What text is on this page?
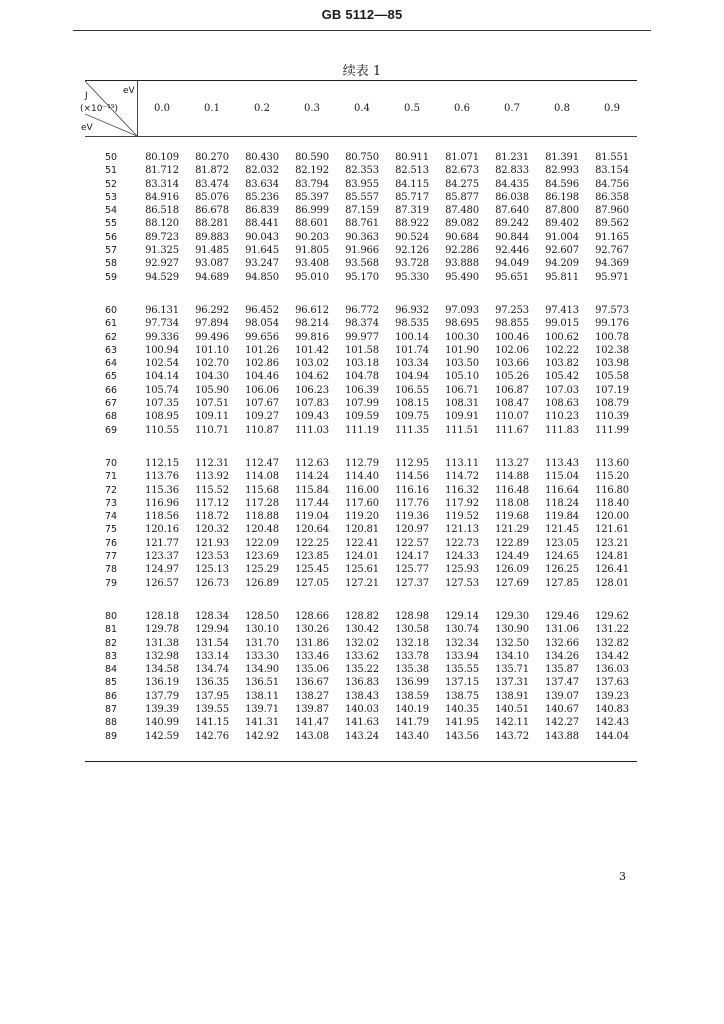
GB 5112—85
续表 1
eV
J
(×10⁻¹⁹)
eV
0.0	0.1	0.2	0.3	0.4	0.5	0.6	0.7	0.8	0.9
50	80.109	80.270	80.430	80.590	80.750	80.911	81.071	81.231	81.391	81.551
51	81.712	81.872	82.032	82.192	82.353	82.513	82.673	82.833	82.993	83.154
52	83.314	83.474	83.634	83.794	83.955	84.115	84.275	84.435	84.596	84.756
53	84.916	85.076	85.236	85.397	85.557	85.717	85.877	86.038	86.198	86.358
54	86.518	86.678	86.839	86.999	87.159	87.319	87.480	87.640	87.800	87.960
55	88.120	88.281	88.441	88.601	88.761	88.922	89.082	89.242	89.402	89.562
56	89.723	89.883	90.043	90.203	90.363	90.524	90.684	90.844	91.004	91.165
57	91.325	91.485	91.645	91.805	91.966	92.126	92.286	92.446	92.607	92.767
58	92.927	93.087	93.247	93.408	93.568	93.728	93.888	94.049	94.209	94.369
59	94.529	94.689	94.850	95.010	95.170	95.330	95.490	95.651	95.811	95.971
60	96.131	96.292	96.452	96.612	96.772	96.932	97.093	97.253	97.413	97.573
61	97.734	97.894	98.054	98.214	98.374	98.535	98.695	98.855	99.015	99.176
62	99.336	99.496	99.656	99.816	99.977	100.14	100.30	100.46	100.62	100.78
63	100.94	101.10	101.26	101.42	101.58	101.74	101.90	102.06	102.22	102.38
64	102.54	102.70	102.86	103.02	103.18	103.34	103.50	103.66	103.82	103.98
65	104.14	104.30	104.46	104.62	104.78	104.94	105.10	105.26	105.42	105.58
66	105.74	105.90	106.06	106.23	106.39	106.55	106.71	106.87	107.03	107.19
67	107.35	107.51	107.67	107.83	107.99	108.15	108.31	108.47	108.63	108.79
68	108.95	109.11	109.27	109.43	109.59	109.75	109.91	110.07	110.23	110.39
69	110.55	110.71	110.87	111.03	111.19	111.35	111.51	111.67	111.83	111.99
70	112.15	112.31	112.47	112.63	112.79	112.95	113.11	113.27	113.43	113.60
71	113.76	113.92	114.08	114.24	114.40	114.56	114.72	114.88	115.04	115.20
72	115.36	115.52	115.68	115.84	116.00	116.16	116.32	116.48	116.64	116.80
73	116.96	117.12	117.28	117.44	117.60	117.76	117.92	118.08	118.24	118.40
74	118.56	118.72	118.88	119.04	119.20	119.36	119.52	119.68	119.84	120.00
75	120.16	120.32	120.48	120.64	120.81	120.97	121.13	121.29	121.45	121.61
76	121.77	121.93	122.09	122.25	122.41	122.57	122.73	122.89	123.05	123.21
77	123.37	123.53	123.69	123.85	124.01	124.17	124.33	124.49	124.65	124.81
78	124.97	125.13	125.29	125.45	125.61	125.77	125.93	126.09	126.25	126.41
79	126.57	126.73	126.89	127.05	127.21	127.37	127.53	127.69	127.85	128.01
80	128.18	128.34	128.50	128.66	128.82	128.98	129.14	129.30	129.46	129.62
81	129.78	129.94	130.10	130.26	130.42	130.58	130.74	130.90	131.06	131.22
82	131.38	131.54	131.70	131.86	132.02	132.18	132.34	132.50	132.66	132.82
83	132.98	133.14	133.30	133.46	133.62	133.78	133.94	134.10	134.26	134.42
84	134.58	134.74	134.90	135.06	135.22	135.38	135.55	135.71	135.87	136.03
85	136.19	136.35	136.51	136.67	136.83	136.99	137.15	137.31	137.47	137.63
86	137.79	137.95	138.11	138.27	138.43	138.59	138.75	138.91	139.07	139.23
87	139.39	139.55	139.71	139.87	140.03	140.19	140.35	140.51	140.67	140.83
88	140.99	141.15	141.31	141.47	141.63	141.79	141.95	142.11	142.27	142.43
89	142.59	142.76	142.92	143.08	143.24	143.40	143.56	143.72	143.88	144.04
3
